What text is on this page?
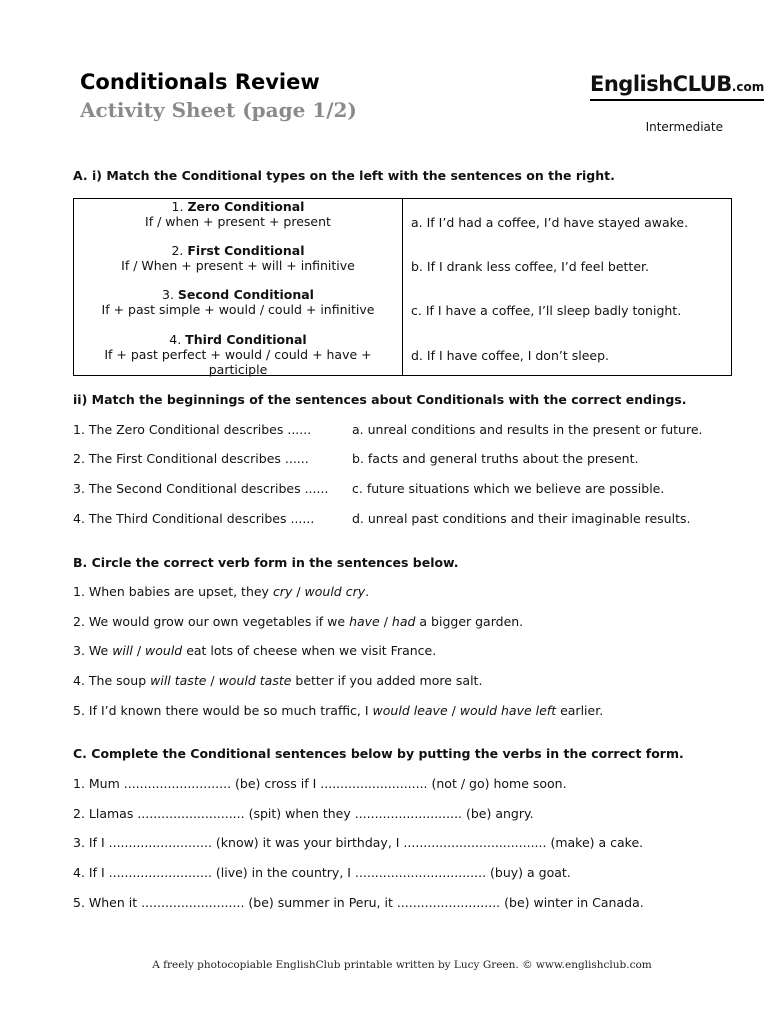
Conditionals Review
Activity Sheet (page 1/2)
EnglishCLUB.com
Intermediate
A. i) Match the Conditional types on the left with the sentences on the right.
1. Zero Conditional
If / when + present + present
2. First Conditional
If / When + present + will + infinitive
3. Second Conditional
If + past simple + would / could + infinitive
4. Third Conditional
If + past perfect + would / could + have +
participle

a. If I’d had a coffee, I’d have stayed awake.
b. If I drank less coffee, I’d feel better.
c. If I have a coffee, I’ll sleep badly tonight.
d. If I have coffee, I don’t sleep.
ii) Match the beginnings of the sentences about Conditionals with the correct endings.
1. The Zero Conditional describes ......	a. unreal conditions and results in the present or future.
2. The First Conditional describes ......	b. facts and general truths about the present.
3. The Second Conditional describes ...... c. future situations which we believe are possible.
4. The Third Conditional describes ......	d. unreal past conditions and their imaginable results.
B. Circle the correct verb form in the sentences below.
1. When babies are upset, they cry / would cry.
2. We would grow our own vegetables if we have / had a bigger garden.
3. We will / would eat lots of cheese when we visit France.
4. The soup will taste / would taste better if you added more salt.
5. If I’d known there would be so much traffic, I would leave / would have left earlier.
C. Complete the Conditional sentences below by putting the verbs in the correct form.
1. Mum ........................... (be) cross if I ........................... (not / go) home soon.
2. Llamas ........................... (spit) when they ........................... (be) angry.
3. If I .......................... (know) it was your birthday, I .................................... (make) a cake.
4. If I .......................... (live) in the country, I ................................. (buy) a goat.
5. When it .......................... (be) summer in Peru, it .......................... (be) winter in Canada.
A freely photocopiable EnglishClub printable written by Lucy Green. © www.englishclub.com
